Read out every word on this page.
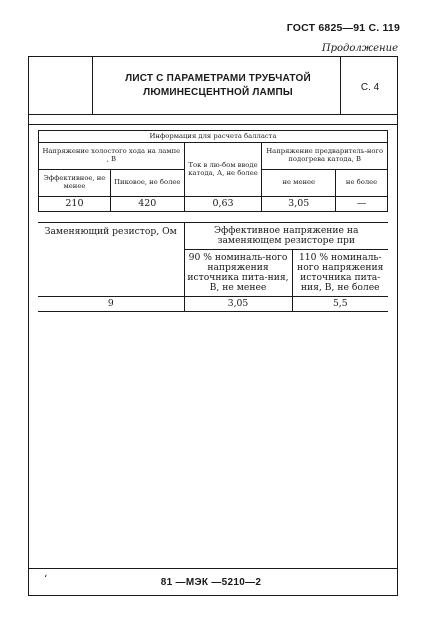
ГОСТ 6825—91 С. 119
Продолжение
ЛИСТ С ПАРАМЕТРАМИ ТРУБЧАТОЙ
ЛЮМИНЕСЦЕНТНОЙ ЛАМПЫ	С. 4
Информация для расчета балласта				
Напряжение холостого хода на лампе , В		Ток в лю-бом вводе катода, А, не более	Напряжение предваритель-ного подогрева катода, В	
Эффективное, не менее	Пиковое, не более		не менее	не более
210	420	0,63	3,05	—
Заменяющий резистор, Ом	Эффективное напряжение на заменяющем резисторе при	
	90 % номиналь-ного напряжения источника пита-ния, В, не менее	110 % номиналь-ного напряжения источника пита-ния, В, не более
9	3,05	5,5
‘	81 —МЭК —5210—2
